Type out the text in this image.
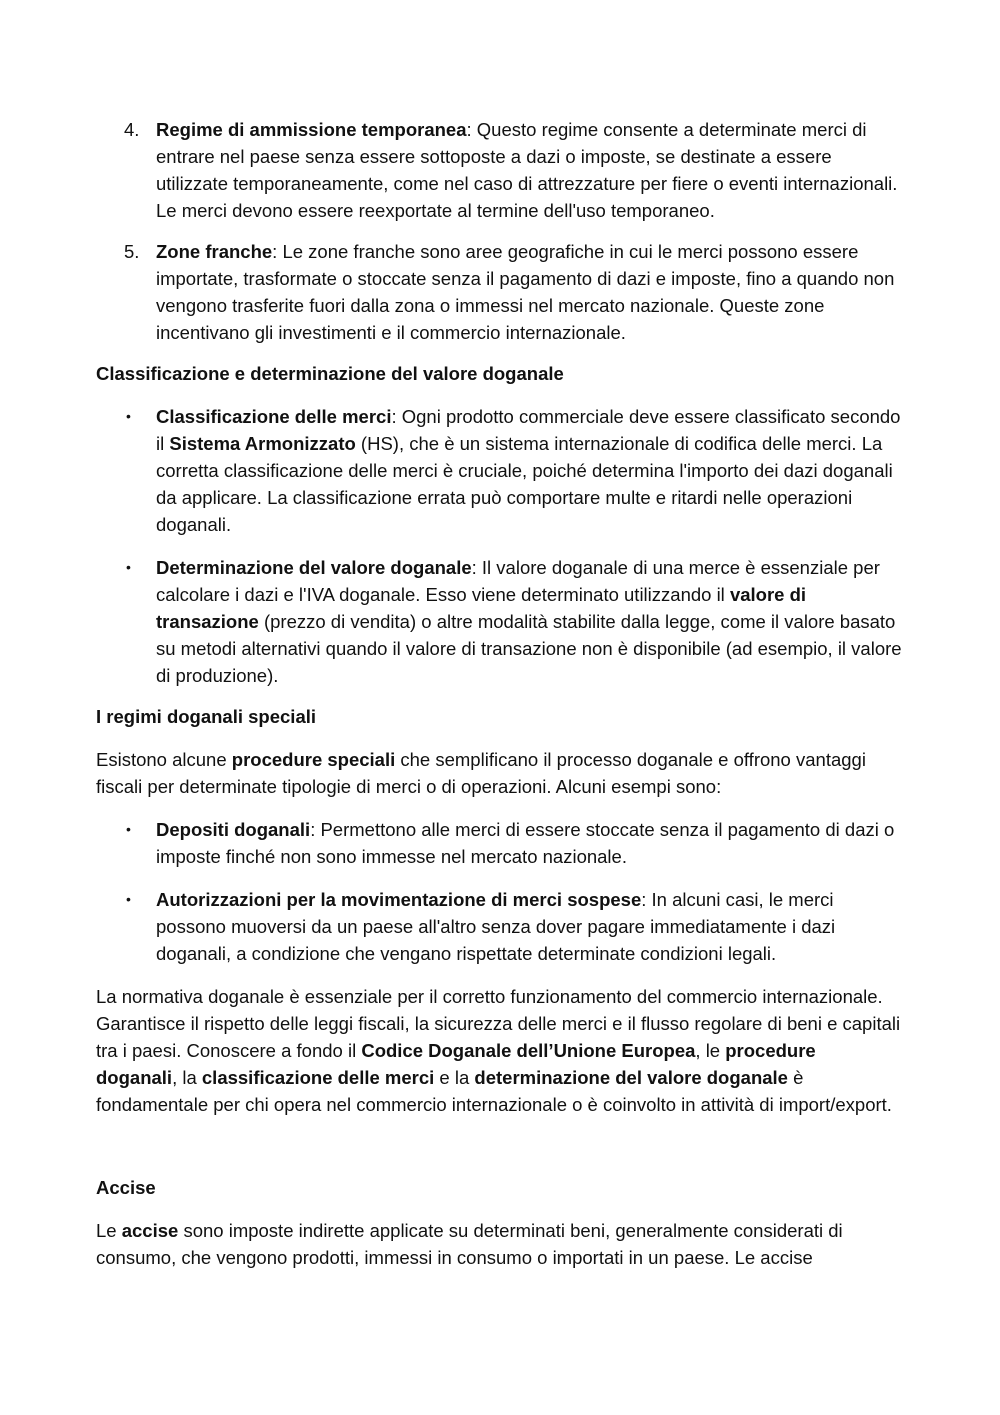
4. Regime di ammissione temporanea: Questo regime consente a determinate merci di entrare nel paese senza essere sottoposte a dazi o imposte, se destinate a essere utilizzate temporaneamente, come nel caso di attrezzature per fiere o eventi internazionali. Le merci devono essere reexportate al termine dell'uso temporaneo.
5. Zone franche: Le zone franche sono aree geografiche in cui le merci possono essere importate, trasformate o stoccate senza il pagamento di dazi e imposte, fino a quando non vengono trasferite fuori dalla zona o immessi nel mercato nazionale. Queste zone incentivano gli investimenti e il commercio internazionale.

Classificazione e determinazione del valore doganale

• Classificazione delle merci: Ogni prodotto commerciale deve essere classificato secondo il Sistema Armonizzato (HS), che è un sistema internazionale di codifica delle merci. La corretta classificazione delle merci è cruciale, poiché determina l'importo dei dazi doganali da applicare. La classificazione errata può comportare multe e ritardi nelle operazioni doganali.
• Determinazione del valore doganale: Il valore doganale di una merce è essenziale per calcolare i dazi e l'IVA doganale. Esso viene determinato utilizzando il valore di transazione (prezzo di vendita) o altre modalità stabilite dalla legge, come il valore basato su metodi alternativi quando il valore di transazione non è disponibile (ad esempio, il valore di produzione).

I regimi doganali speciali

Esistono alcune procedure speciali che semplificano il processo doganale e offrono vantaggi fiscali per determinate tipologie di merci o di operazioni. Alcuni esempi sono:

• Depositi doganali: Permettono alle merci di essere stoccate senza il pagamento di dazi o imposte finché non sono immesse nel mercato nazionale.
• Autorizzazioni per la movimentazione di merci sospese: In alcuni casi, le merci possono muoversi da un paese all'altro senza dover pagare immediatamente i dazi doganali, a condizione che vengano rispettate determinate condizioni legali.

La normativa doganale è essenziale per il corretto funzionamento del commercio internazionale. Garantisce il rispetto delle leggi fiscali, la sicurezza delle merci e il flusso regolare di beni e capitali tra i paesi. Conoscere a fondo il Codice Doganale dell’Unione Europea, le procedure doganali, la classificazione delle merci e la determinazione del valore doganale è fondamentale per chi opera nel commercio internazionale o è coinvolto in attività di import/export.

Accise

Le accise sono imposte indirette applicate su determinati beni, generalmente considerati di consumo, che vengono prodotti, immessi in consumo o importati in un paese. Le accise
